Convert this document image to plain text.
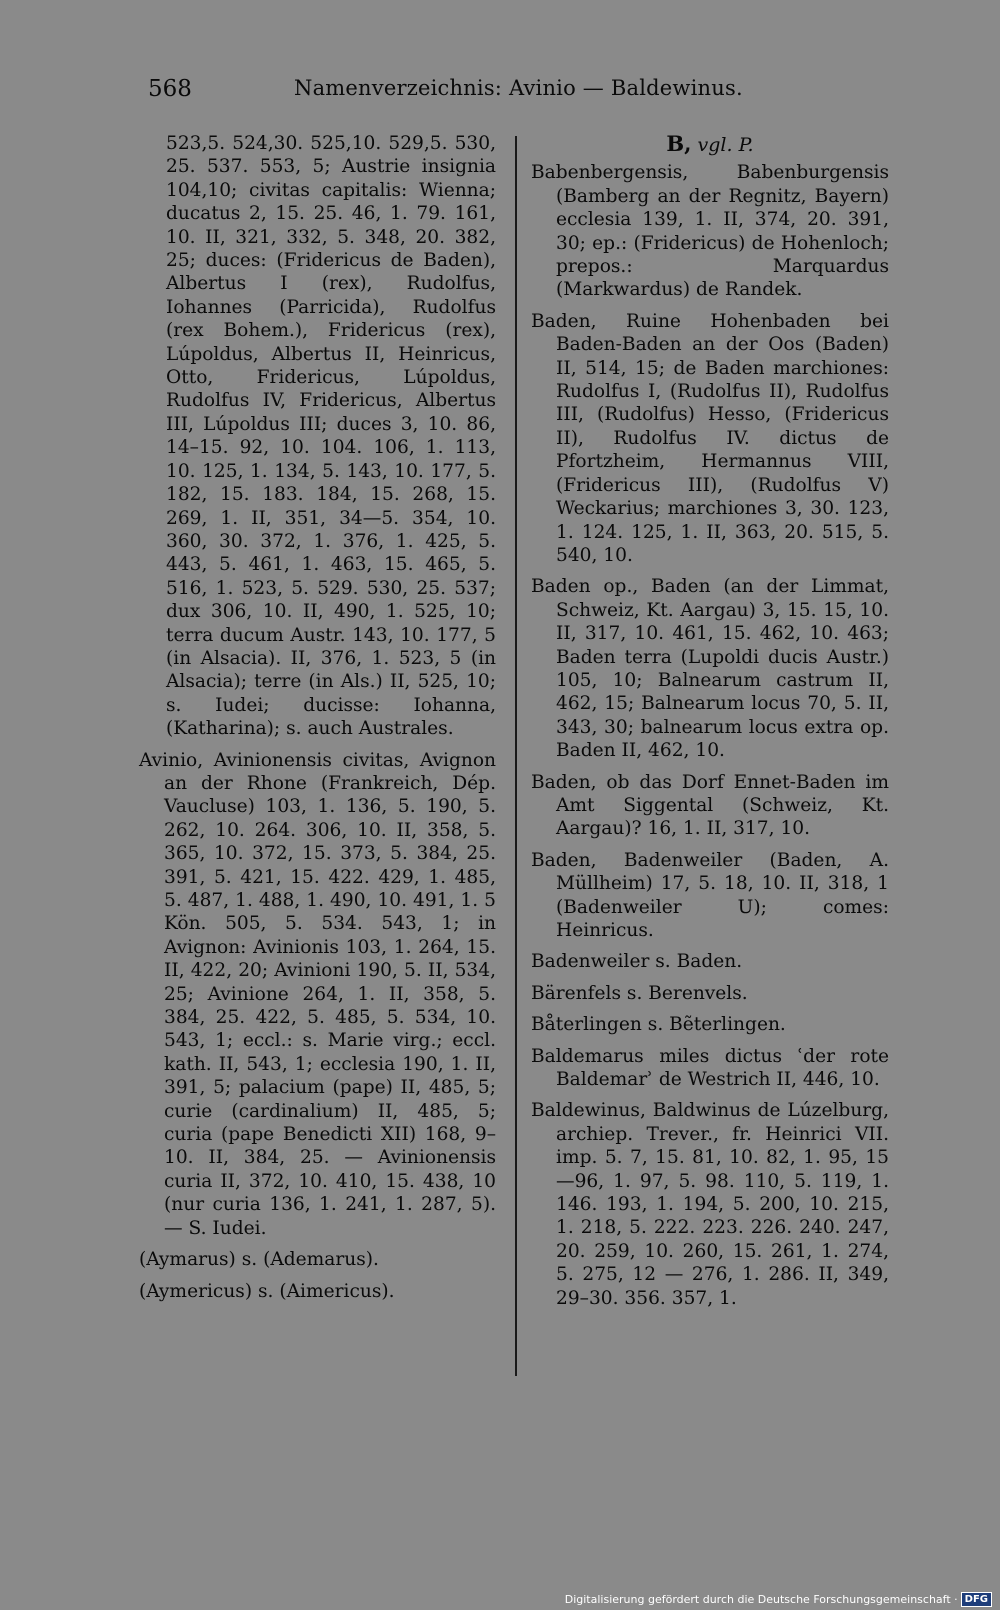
568	Namenverzeichnis: Avinio — Baldewinus.

523,5. 524,30. 525,10. 529,5. 530, 25. 537. 553, 5; Austrie insignia 104,10; civitas capitalis: Wienna; ducatus 2, 15. 25. 46, 1. 79. 161, 10. II, 321, 332, 5. 348, 20. 382, 25; duces: (Fridericus de Baden), Albertus I (rex), Rudolfus, Iohannes (Parricida), Rudolfus (rex Bohem.), Fridericus (rex), Lúpoldus, Albertus II, Heinricus, Otto, Fridericus, Lúpoldus, Rudolfus IV, Fridericus, Albertus III, Lúpoldus III; duces 3, 10. 86, 14–15. 92, 10. 104. 106, 1. 113, 10. 125, 1. 134, 5. 143, 10. 177, 5. 182, 15. 183. 184, 15. 268, 15. 269, 1. II, 351, 34—5. 354, 10. 360, 30. 372, 1. 376, 1. 425, 5. 443, 5. 461, 1. 463, 15. 465, 5. 516, 1. 523, 5. 529. 530, 25. 537; dux 306, 10. II, 490, 1. 525, 10; terra ducum Austr. 143, 10. 177, 5 (in Alsacia). II, 376, 1. 523, 5 (in Alsacia); terre (in Als.) II, 525, 10; s. Iudei; ducisse: Iohanna, (Katharina); s. auch Australes.

Avinio, Avinionensis civitas, Avignon an der Rhone (Frankreich, Dép. Vaucluse) 103, 1. 136, 5. 190, 5. 262, 10. 264. 306, 10. II, 358, 5. 365, 10. 372, 15. 373, 5. 384, 25. 391, 5. 421, 15. 422. 429, 1. 485, 5. 487, 1. 488, 1. 490, 10. 491, 1. 5 Kön. 505, 5. 534. 543, 1; in Avignon: Avinionis 103, 1. 264, 15. II, 422, 20; Avinioni 190, 5. II, 534, 25; Avinione 264, 1. II, 358, 5. 384, 25. 422, 5. 485, 5. 534, 10. 543, 1; eccl.: s. Marie virg.; eccl. kath. II, 543, 1; ecclesia 190, 1. II, 391, 5; palacium (pape) II, 485, 5; curie (cardinalium) II, 485, 5; curia (pape Benedicti XII) 168, 9–10. II, 384, 25. — Avinionensis curia II, 372, 10. 410, 15. 438, 10 (nur curia 136, 1. 241, 1. 287, 5). — S. Iudei.

(Aymarus) s. (Ademarus).

(Aymericus) s. (Aimericus).

B, vgl. P.

Babenbergensis, Babenburgensis (Bamberg an der Regnitz, Bayern) ecclesia 139, 1. II, 374, 20. 391, 30; ep.: (Fridericus) de Hohenloch; prepos.: Marquardus (Markwardus) de Randek.

Baden, Ruine Hohenbaden bei Baden-Baden an der Oos (Baden) II, 514, 15; de Baden marchiones: Rudolfus I, (Rudolfus II), Rudolfus III, (Rudolfus) Hesso, (Fridericus II), Rudolfus IV. dictus de Pfortzheim, Hermannus VIII, (Fridericus III), (Rudolfus V) Weckarius; marchiones 3, 30. 123, 1. 124. 125, 1. II, 363, 20. 515, 5. 540, 10.

Baden op., Baden (an der Limmat, Schweiz, Kt. Aargau) 3, 15. 15, 10. II, 317, 10. 461, 15. 462, 10. 463; Baden terra (Lupoldi ducis Austr.) 105, 10; Balnearum castrum II, 462, 15; Balnearum locus 70, 5. II, 343, 30; balnearum locus extra op. Baden II, 462, 10.

Baden, ob das Dorf Ennet-Baden im Amt Siggental (Schweiz, Kt. Aargau)? 16, 1. II, 317, 10.

Baden, Badenweiler (Baden, A. Müllheim) 17, 5. 18, 10. II, 318, 1 (Badenweiler U); comes: Heinricus.

Badenweiler s. Baden.

Bärenfels s. Berenvels.

Båterlingen s. Bẽterlingen.

Baldemarus miles dictus ʿder rote Baldemarʾ de Westrich II, 446, 10.

Baldewinus, Baldwinus de Lúzelburg, archiep. Trever., fr. Heinrici VII. imp. 5. 7, 15. 81, 10. 82, 1. 95, 15—96, 1. 97, 5. 98. 110, 5. 119, 1. 146. 193, 1. 194, 5. 200, 10. 215, 1. 218, 5. 222. 223. 226. 240. 247, 20. 259, 10. 260, 15. 261, 1. 274, 5. 275, 12 — 276, 1. 286. II, 349, 29–30. 356. 357, 1.

Digitalisierung gefördert durch die Deutsche Forschungsgemeinschaft · DFG
